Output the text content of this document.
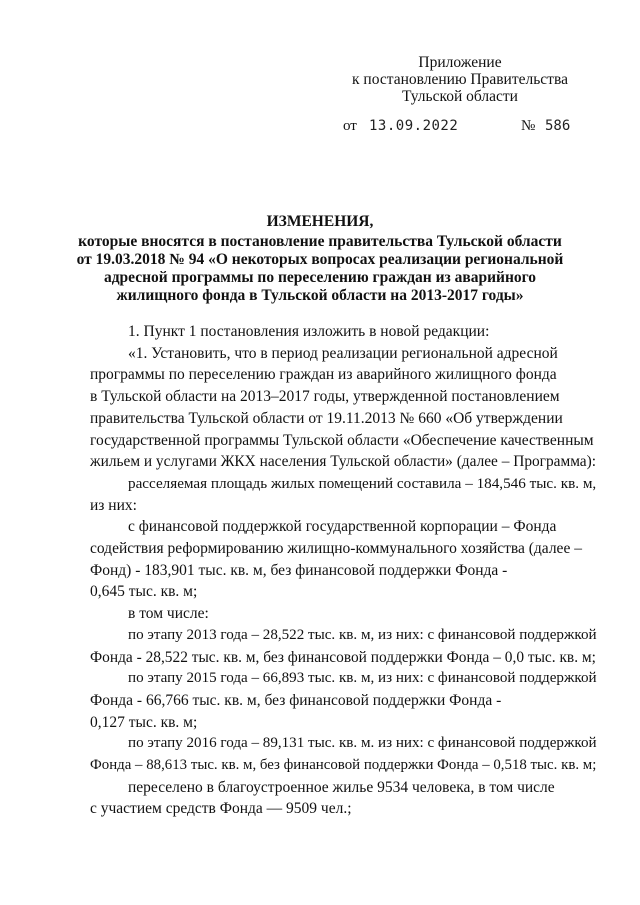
Приложение
к постановлению Правительства
Тульской области
от 13.09.2022	№ 586
ИЗМЕНЕНИЯ,
которые вносятся в постановление правительства Тульской области
от 19.03.2018 № 94 «О некоторых вопросах реализации региональной
адресной программы по переселению граждан из аварийного
жилищного фонда в Тульской области на 2013-2017 годы»

1. Пункт 1 постановления изложить в новой редакции:

«1. Установить, что в период реализации региональной адресной
программы по переселению граждан из аварийного жилищного фонда
в Тульской области на 2013–2017 годы, утвержденной постановлением
правительства Тульской области от 19.11.2013 № 660 «Об утверждении
государственной программы Тульской области «Обеспечение качественным
жильем и услугами ЖКХ населения Тульской области» (далее – Программа):

расселяемая площадь жилых помещений составила – 184,546 тыс. кв. м,
из них:

с финансовой поддержкой государственной корпорации – Фонда
содействия реформированию жилищно-коммунального хозяйства (далее –
Фонд) - 183,901 тыс. кв. м, без финансовой поддержки Фонда -
0,645 тыс. кв. м;

в том числе:

по этапу 2013 года – 28,522 тыс. кв. м, из них: с финансовой поддержкой
Фонда - 28,522 тыс. кв. м, без финансовой поддержки Фонда – 0,0 тыс. кв. м;

по этапу 2015 года – 66,893 тыс. кв. м, из них: с финансовой поддержкой
Фонда - 66,766 тыс. кв. м, без финансовой поддержки Фонда -
0,127 тыс. кв. м;

по этапу 2016 года – 89,131 тыс. кв. м. из них: с финансовой поддержкой
Фонда – 88,613 тыс. кв. м, без финансовой поддержки Фонда – 0,518 тыс. кв. м;

переселено в благоустроенное жилье 9534 человека, в том числе
с участием средств Фонда — 9509 чел.;
